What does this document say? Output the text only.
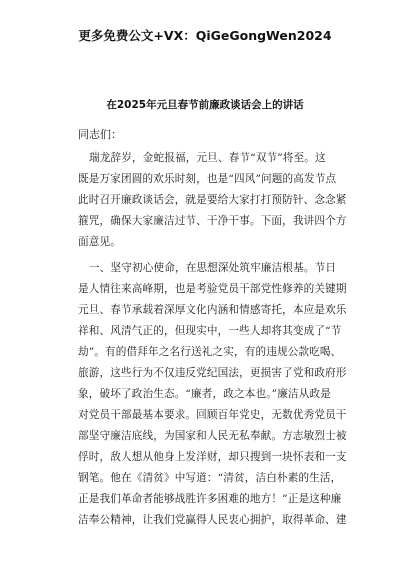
更多免费公文+VX：QiGeGongWen2024
在2025年元旦春节前廉政谈话会上的讲话
同志们：
瑞龙辞岁，金蛇报福，元旦、春节“双节”将至。这
既是万家团圆的欢乐时刻，也是“四风”问题的高发节点
此时召开廉政谈话会，就是要给大家打打预防针、念念紧
箍咒，确保大家廉洁过节、干净干事。下面，我讲四个方
面意见。
一、坚守初心使命，在思想深处筑牢廉洁根基。节日
是人情往来高峰期，也是考验党员干部党性修养的关键期
元旦、春节承载着深厚文化内涵和情感寄托，本应是欢乐
祥和、风清气正的，但现实中，一些人却将其变成了“节
劫”。有的借拜年之名行送礼之实，有的违规公款吃喝、
旅游，这些行为不仅违反党纪国法，更损害了党和政府形
象，破坏了政治生态。“廉者，政之本也。”廉洁从政是
对党员干部最基本要求。回顾百年党史，无数优秀党员干
部坚守廉洁底线，为国家和人民无私奉献。方志敏烈士被
俘时，敌人想从他身上发洋财，却只搜到一块怀表和一支
钢笔。他在《清贫》中写道：“清贫，洁白朴素的生活，
正是我们革命者能够战胜许多困难的地方！”正是这种廉
洁奉公精神，让我们党赢得人民衷心拥护，取得革命、建
